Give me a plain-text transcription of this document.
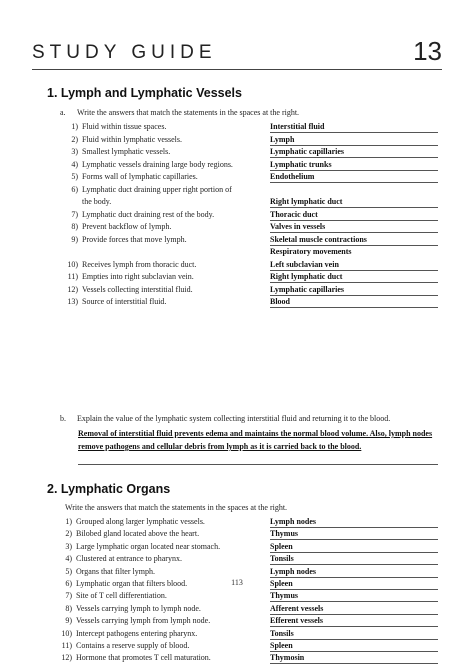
STUDY GUIDE	13
1. Lymph and Lymphatic Vessels
a. Write the answers that match the statements in the spaces at the right.
1) Fluid within tissue spaces.	Interstitial fluid
2) Fluid within lymphatic vessels.	Lymph
3) Smallest lymphatic vessels.	Lymphatic capillaries
4) Lymphatic vessels draining large body regions.	Lymphatic trunks
5) Forms wall of lymphatic capillaries.	Endothelium
6) Lymphatic duct draining upper right portion of
the body.	Right lymphatic duct
7) Lymphatic duct draining rest of the body.	Thoracic duct
8) Prevent backflow of lymph.	Valves in vessels
9) Provide forces that move lymph.	Skeletal muscle contractions
Respiratory movements
10) Receives lymph from thoracic duct.	Left subclavian vein
11) Empties into right subclavian vein.	Right lymphatic duct
12) Vessels collecting interstitial fluid.	Lymphatic capillaries
13) Source of interstitial fluid.	Blood
b. Explain the value of the lymphatic system collecting interstitial fluid and returning it to the blood.
Removal of interstitial fluid prevents edema and maintains the normal blood volume. Also, lymph nodes
remove pathogens and cellular debris from lymph as it is carried back to the blood.
2. Lymphatic Organs
Write the answers that match the statements in the spaces at the right.
1) Grouped along larger lymphatic vessels.	Lymph nodes
2) Bilobed gland located above the heart.	Thymus
3) Large lymphatic organ located near stomach.	Spleen
4) Clustered at entrance to pharynx.	Tonsils
5) Organs that filter lymph.	Lymph nodes
6) Lymphatic organ that filters blood.	Spleen
7) Site of T cell differentiation.	Thymus
8) Vessels carrying lymph to lymph node.	Afferent vessels
9) Vessels carrying lymph from lymph node.	Efferent vessels
10) Intercept pathogens entering pharynx.	Tonsils
11) Contains a reserve supply of blood.	Spleen
12) Hormone that promotes T cell maturation.	Thymosin
113
